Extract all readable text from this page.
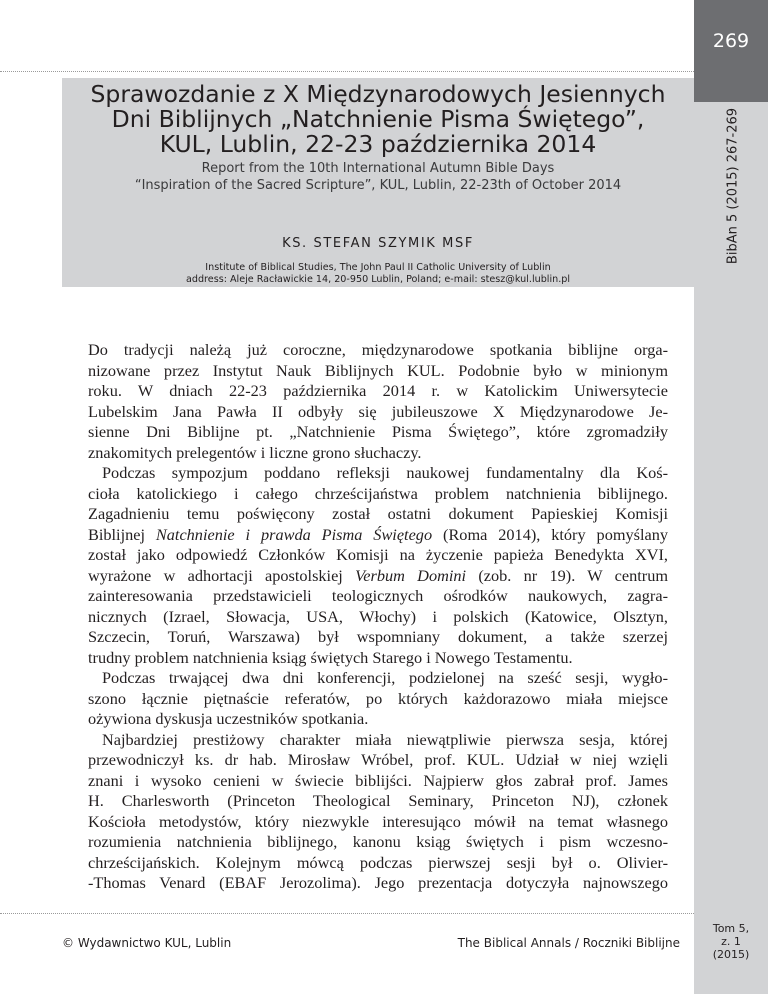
269
BibAn 5 (2015) 267-269
Sprawozdanie z X Międzynarodowych Jesiennych
Dni Biblijnych „Natchnienie Pisma Świętego”,
KUL, Lublin, 22-23 października 2014
Report from the 10th International Autumn Bible Days
“Inspiration of the Sacred Scripture”, KUL, Lublin, 22-23th of October 2014
KS. STEFAN SZYMIK MSF
Institute of Biblical Studies, The John Paul II Catholic University of Lublin
address: Aleje Racławickie 14, 20-950 Lublin, Poland; e-mail: stesz@kul.lublin.pl
Do tradycji należą już coroczne, międzynarodowe spotkania biblijne orga-
nizowane przez Instytut Nauk Biblijnych KUL. Podobnie było w minionym
roku. W dniach 22-23 października 2014 r. w Katolickim Uniwersytecie
Lubelskim Jana Pawła II odbyły się jubileuszowe X Międzynarodowe Je-
sienne Dni Biblijne pt. „Natchnienie Pisma Świętego”, które zgromadziły
znakomitych prelegentów i liczne grono słuchaczy.
Podczas sympozjum poddano refleksji naukowej fundamentalny dla Koś-
cioła katolickiego i całego chrześcijaństwa problem natchnienia biblijnego.
Zagadnieniu temu poświęcony został ostatni dokument Papieskiej Komisji
Biblijnej Natchnienie i prawda Pisma Świętego (Roma 2014), który pomyślany
został jako odpowiedź Członków Komisji na życzenie papieża Benedykta XVI,
wyrażone w adhortacji apostolskiej Verbum Domini (zob. nr 19). W centrum
zainteresowania przedstawicieli teologicznych ośrodków naukowych, zagra-
nicznych (Izrael, Słowacja, USA, Włochy) i polskich (Katowice, Olsztyn,
Szczecin, Toruń, Warszawa) był wspomniany dokument, a także szerzej
trudny problem natchnienia ksiąg świętych Starego i Nowego Testamentu.
Podczas trwającej dwa dni konferencji, podzielonej na sześć sesji, wygło-
szono łącznie piętnaście referatów, po których każdorazowo miała miejsce
ożywiona dyskusja uczestników spotkania.
Najbardziej prestiżowy charakter miała niewątpliwie pierwsza sesja, której
przewodniczył ks. dr hab. Mirosław Wróbel, prof. KUL. Udział w niej wzięli
znani i wysoko cenieni w świecie biblijści. Najpierw głos zabrał prof. James
H. Charlesworth (Princeton Theological Seminary, Princeton NJ), członek
Kościoła metodystów, który niezwykle interesująco mówił na temat własnego
rozumienia natchnienia biblijnego, kanonu ksiąg świętych i pism wczesno-
chrześcijańskich. Kolejnym mówcą podczas pierwszej sesji był o. Olivier-
-Thomas Venard (EBAF Jerozolima). Jego prezentacja dotyczyła najnowszego
© Wydawnictwo KUL, Lublin	The Biblical Annals / Roczniki Biblijne
Tom 5,
z. 1
(2015)
